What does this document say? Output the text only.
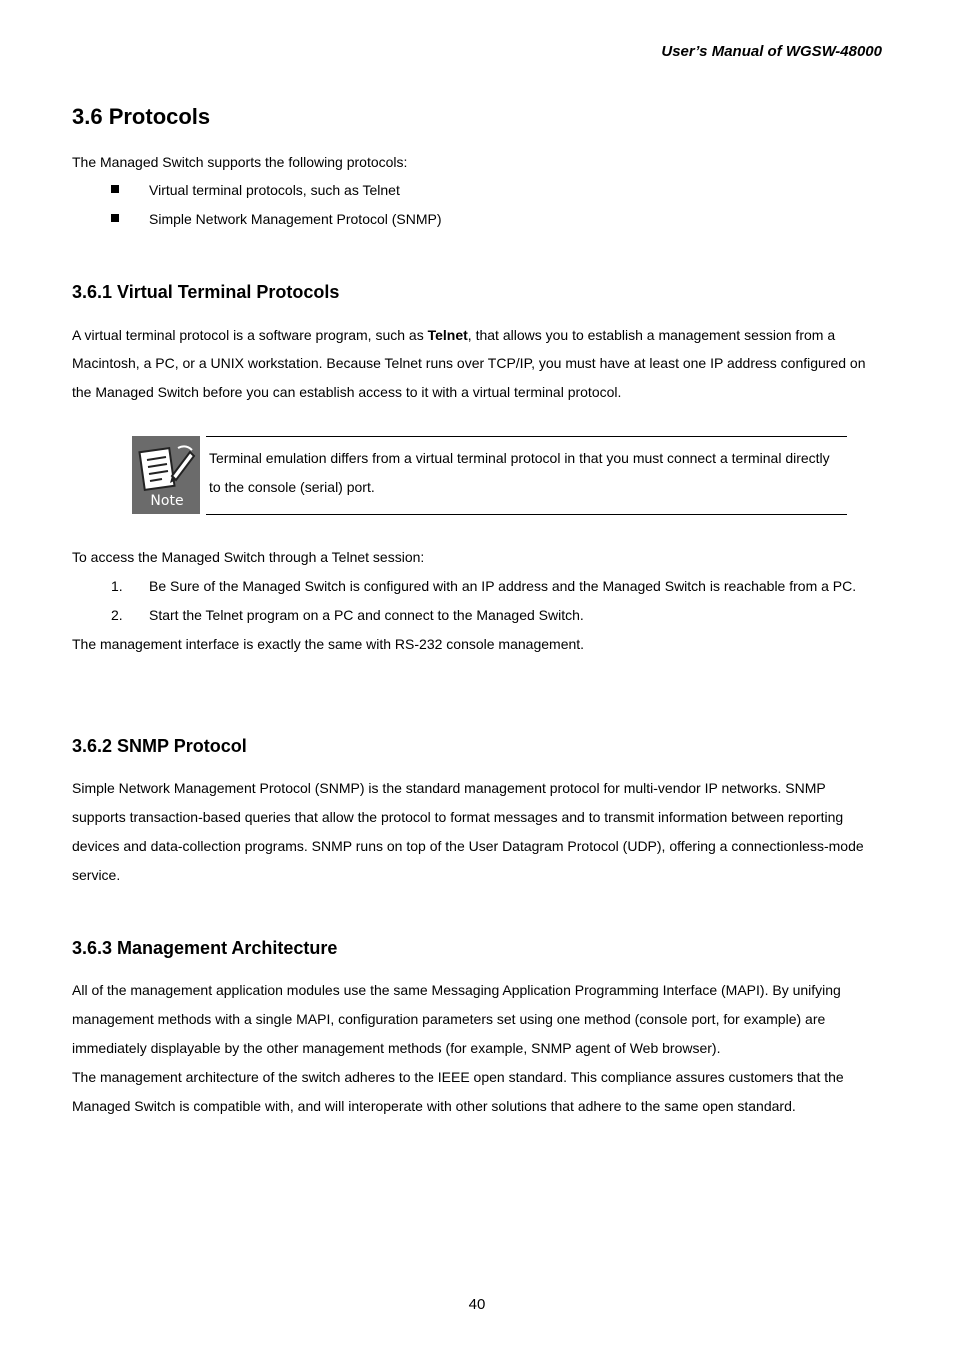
User’s Manual of WGSW-48000
3.6 Protocols
The Managed Switch supports the following protocols:
Virtual terminal protocols, such as Telnet
Simple Network Management Protocol (SNMP)
3.6.1 Virtual Terminal Protocols
A virtual terminal protocol is a software program, such as Telnet, that allows you to establish a management session from a
Macintosh, a PC, or a UNIX workstation. Because Telnet runs over TCP/IP, you must have at least one IP address configured on
the Managed Switch before you can establish access to it with a virtual terminal protocol.
Note
Terminal emulation differs from a virtual terminal protocol in that you must connect a terminal directly
to the console (serial) port.
To access the Managed Switch through a Telnet session:
1. Be Sure of the Managed Switch is configured with an IP address and the Managed Switch is reachable from a PC.
2. Start the Telnet program on a PC and connect to the Managed Switch.
The management interface is exactly the same with RS-232 console management.
3.6.2 SNMP Protocol
Simple Network Management Protocol (SNMP) is the standard management protocol for multi-vendor IP networks. SNMP
supports transaction-based queries that allow the protocol to format messages and to transmit information between reporting
devices and data-collection programs. SNMP runs on top of the User Datagram Protocol (UDP), offering a connectionless-mode
service.
3.6.3 Management Architecture
All of the management application modules use the same Messaging Application Programming Interface (MAPI). By unifying
management methods with a single MAPI, configuration parameters set using one method (console port, for example) are
immediately displayable by the other management methods (for example, SNMP agent of Web browser).
The management architecture of the switch adheres to the IEEE open standard. This compliance assures customers that the
Managed Switch is compatible with, and will interoperate with other solutions that adhere to the same open standard.
40
